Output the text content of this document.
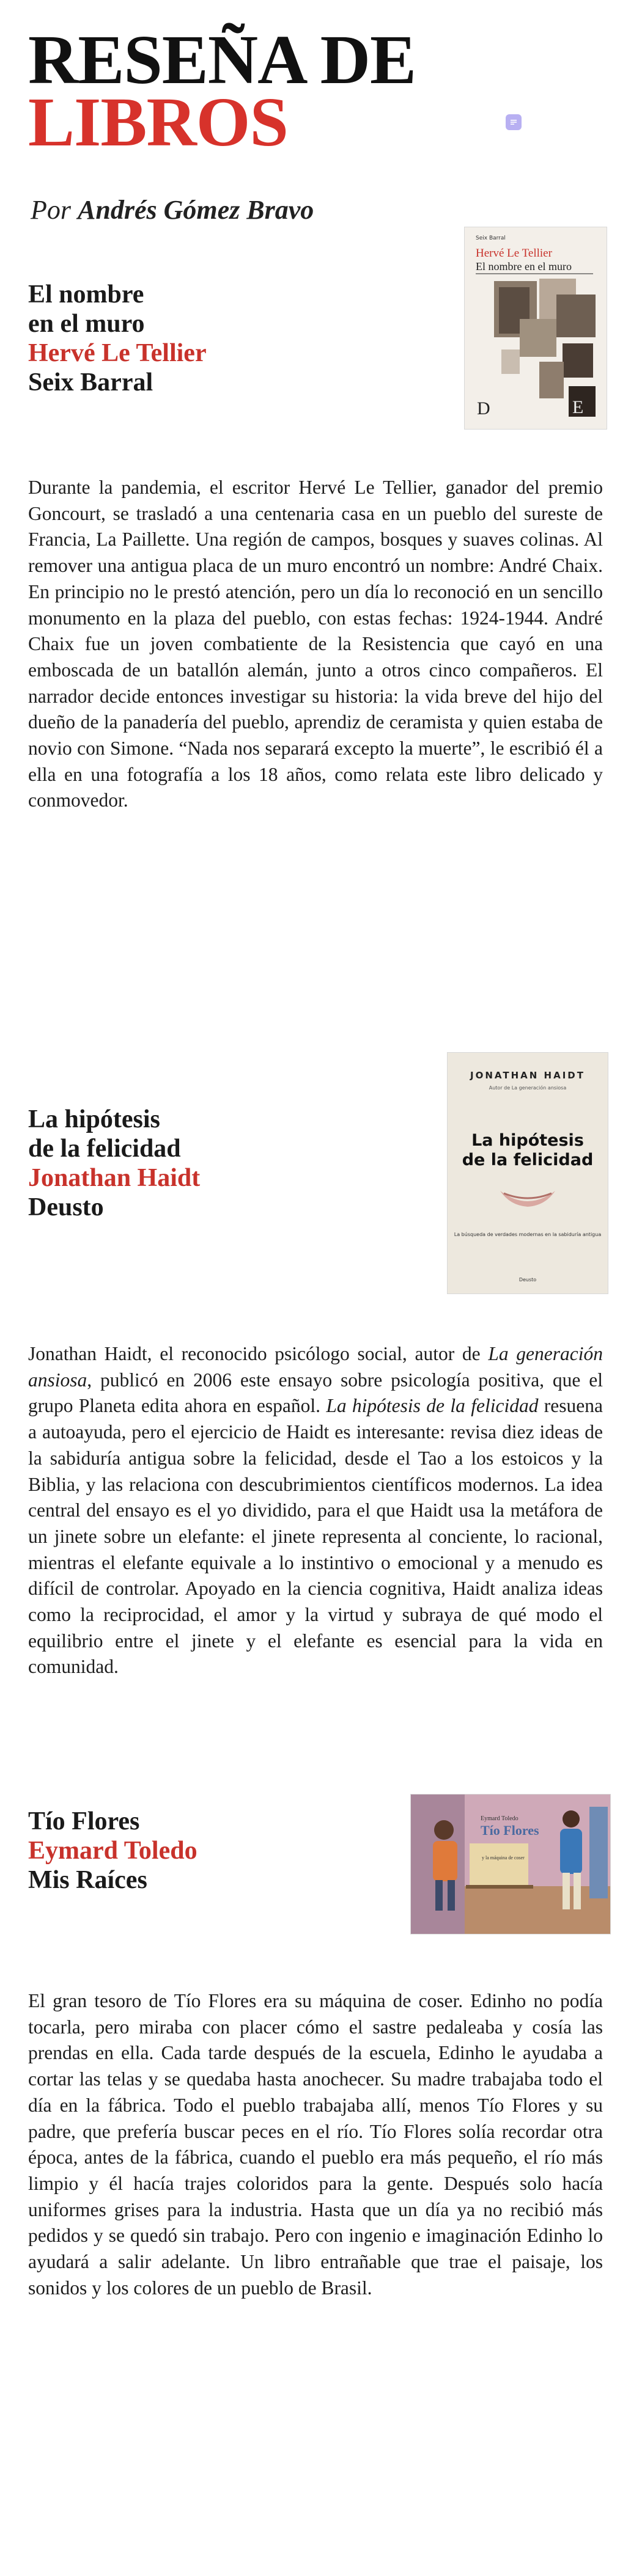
RESEÑA DE
LIBROS
Por Andrés Gómez Bravo
El nombre
en el muro
Hervé Le Tellier
Seix Barral
Seix Barral
Hervé Le Tellier
El nombre en el muro
D	E

Durante la pandemia, el escritor Hervé Le Tellier, ganador del premio Goncourt, se trasladó a una centenaria casa en un pueblo del sureste de Francia, La Paillette. Una región de campos, bosques y suaves colinas. Al remover una antigua placa de un muro encontró un nombre: André Chaix. En principio no le prestó atención, pero un día lo reconoció en un sencillo monumento en la plaza del pueblo, con estas fechas: 1924-1944. André Chaix fue un joven combatiente de la Resistencia que cayó en una emboscada de un batallón alemán, junto a otros cinco compañeros. El narrador decide entonces investigar su historia: la vida breve del hijo del dueño de la panadería del pueblo, aprendiz de ceramista y quien estaba de novio con Simone. “Nada nos separará excepto la muerte”, le escribió él a ella en una fotografía a los 18 años, como relata este libro delicado y conmovedor.

La hipótesis
de la felicidad
Jonathan Haidt
Deusto
JONATHAN HAIDT
Autor de La generación ansiosa
La hipótesis
de la felicidad
La búsqueda de verdades modernas en la sabiduría antigua
Deusto

Jonathan Haidt, el reconocido psicólogo social, autor de La generación ansiosa, publicó en 2006 este ensayo sobre psicología positiva, que el grupo Planeta edita ahora en español. La hipótesis de la felicidad resuena a autoayuda, pero el ejercicio de Haidt es interesante: revisa diez ideas de la sabiduría antigua sobre la felicidad, desde el Tao a los estoicos y la Biblia, y las relaciona con descubrimientos científicos modernos. La idea central del ensayo es el yo dividido, para el que Haidt usa la metáfora de un jinete sobre un elefante: el jinete representa al conciente, lo racional, mientras el elefante equivale a lo instintivo o emocional y a menudo es difícil de controlar. Apoyado en la ciencia cognitiva, Haidt analiza ideas como la reciprocidad, el amor y la virtud y subraya de qué modo el equilibrio entre el jinete y el elefante es esencial para la vida en comunidad.

Tío Flores
Eymard Toledo
Mis Raíces
Eymard Toledo
Tío Flores
y la máquina de coser

El gran tesoro de Tío Flores era su máquina de coser. Edinho no podía tocarla, pero miraba con placer cómo el sastre pedaleaba y cosía las prendas en ella. Cada tarde después de la escuela, Edinho le ayudaba a cortar las telas y se quedaba hasta anochecer. Su madre trabajaba todo el día en la fábrica. Todo el pueblo trabajaba allí, menos Tío Flores y su padre, que prefería buscar peces en el río. Tío Flores solía recordar otra época, antes de la fábrica, cuando el pueblo era más pequeño, el río más limpio y él hacía trajes coloridos para la gente. Después solo hacía uniformes grises para la industria. Hasta que un día ya no recibió más pedidos y se quedó sin trabajo. Pero con ingenio e imaginación Edinho lo ayudará a salir adelante. Un libro entrañable que trae el paisaje, los sonidos y los colores de un pueblo de Brasil.
